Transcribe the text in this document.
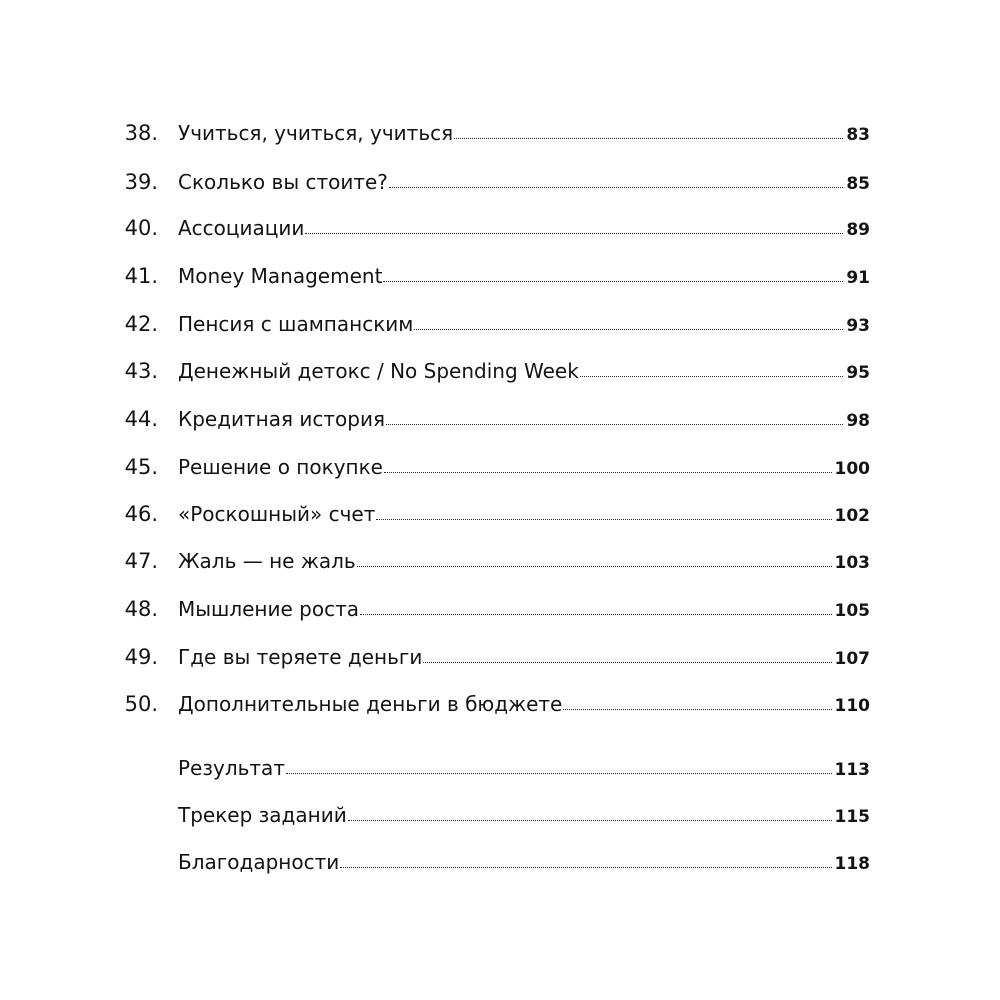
38. Учиться, учиться, учиться	83
39. Сколько вы стоите?	85
40. Ассоциации	89
41. Money Management	91
42. Пенсия с шампанским	93
43. Денежный детокс / No Spending Week	95
44. Кредитная история	98
45. Решение о покупке	100
46. «Роскошный» счет	102
47. Жаль — не жаль	103
48. Мышление роста	105
49. Где вы теряете деньги	107
50. Дополнительные деньги в бюджете	110
Результат	113
Трекер заданий	115
Благодарности	118
